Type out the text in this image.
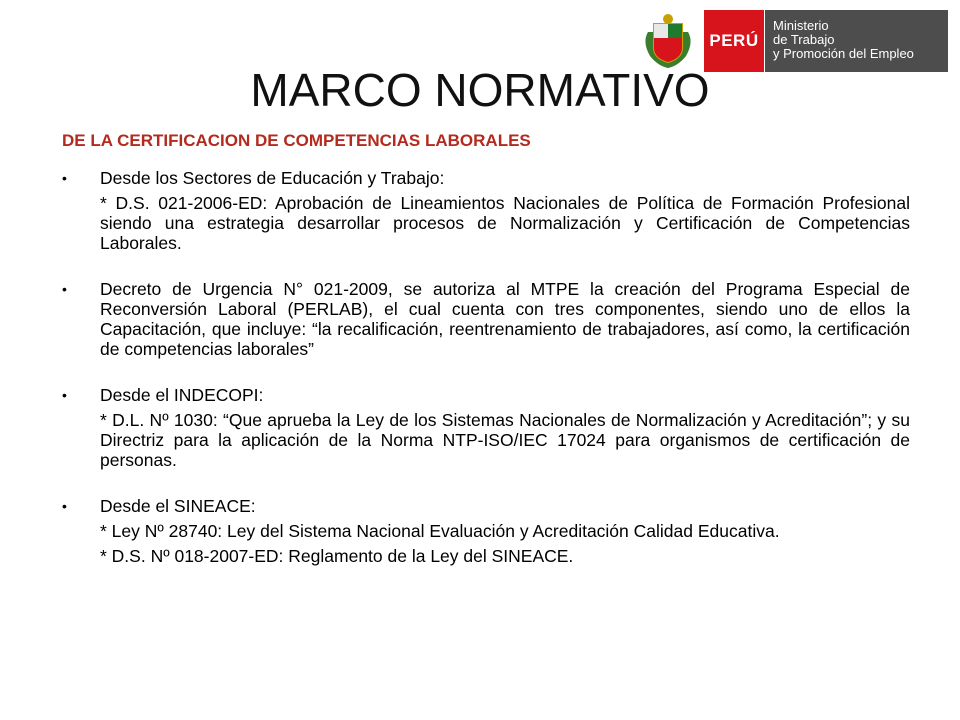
PERÚ
Ministerio
de Trabajo
y Promoción del Empleo
MARCO NORMATIVO
DE LA CERTIFICACION DE COMPETENCIAS LABORALES
• Desde los Sectores de Educación y Trabajo:
* D.S. 021-2006-ED: Aprobación de Lineamientos Nacionales de Política de Formación Profesional siendo una estrategia desarrollar procesos de Normalización y Certificación de Competencias Laborales.
• Decreto de Urgencia N° 021-2009, se autoriza al MTPE la creación del Programa Especial de Reconversión Laboral (PERLAB), el cual cuenta con tres componentes, siendo uno de ellos la Capacitación, que incluye: “la recalificación, reentrenamiento de trabajadores, así como, la certificación de competencias laborales”
• Desde el INDECOPI:
* D.L. Nº 1030: “Que aprueba la Ley de los Sistemas Nacionales de Normalización y Acreditación”; y su Directriz para la aplicación de la Norma NTP-ISO/IEC 17024 para organismos de certificación de personas.
• Desde el SINEACE:
* Ley Nº 28740: Ley del Sistema Nacional Evaluación y Acreditación Calidad Educativa.
* D.S. Nº 018-2007-ED: Reglamento de la Ley del SINEACE.
